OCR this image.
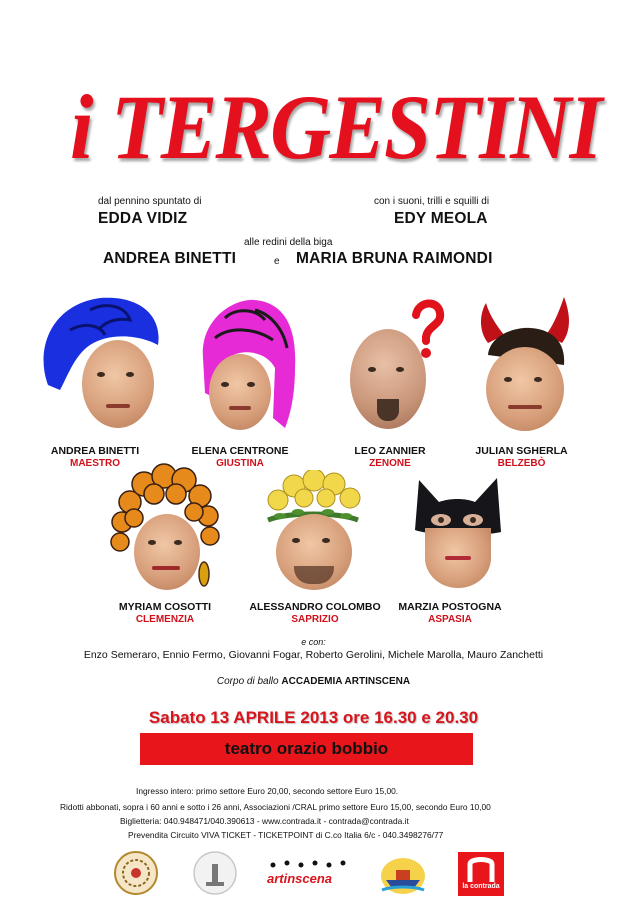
i TERGESTINI
dal pennino spuntato di
EDDA VIDIZ
con i suoni, trilli e squilli di
EDY MEOLA
alle redini della biga
ANDREA BINETTI	e MARIA BRUNA RAIMONDI
ANDREA BINETTI
MAESTRO
ELENA CENTRONE
GIUSTINA
LEO ZANNIER
ZENONE
JULIAN SGHERLA
BELZEBÒ
MYRIAM COSOTTI
CLEMENZIA
ALESSANDRO COLOMBO
SAPRIZIO
MARZIA POSTOGNA
ASPASIA
e con:
Enzo Semeraro, Ennio Fermo, Giovanni Fogar, Roberto Gerolini, Michele Marolla, Mauro Zanchetti
Corpo di ballo ACCADEMIA ARTINSCENA
Sabato 13 APRILE 2013 ore 16.30 e 20.30
teatro orazio bobbio
Ingresso intero: primo settore Euro 20,00, secondo settore Euro 15,00.
Ridotti abbonati, sopra i 60 anni e sotto i 26 anni, Associazioni /CRAL primo settore Euro 15,00, secondo Euro 10,00
Biglietteria: 040.948471/040.390613 - www.contrada.it - contrada@contrada.it
Prevendita Circuito VIVA TICKET - TICKETPOINT di C.co Italia 6/c - 040.3498276/77
artinscena
la contrada
